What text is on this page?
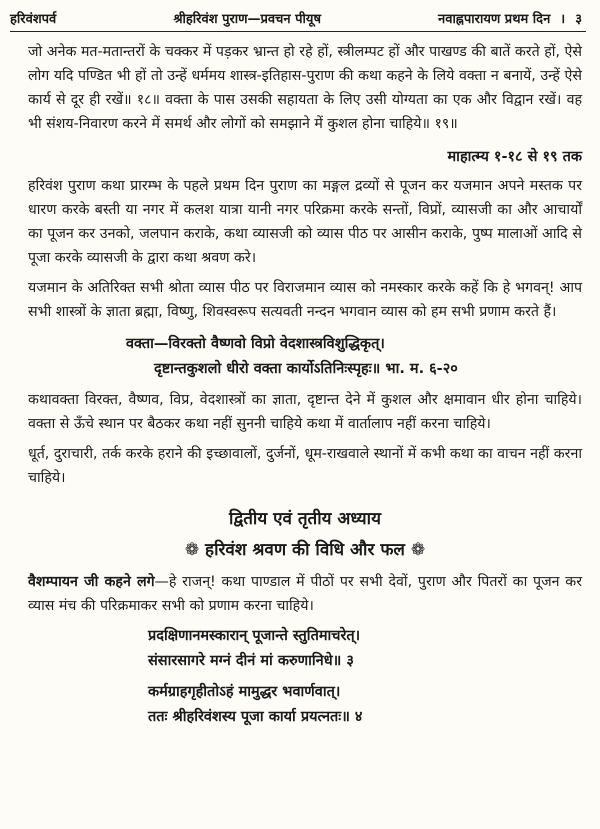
हरिवंशपर्व	श्रीहरिवंश पुराण—प्रवचन पीयूष	नवाह्नपारायण प्रथम दिन । ३

जो अनेक मत-मतान्तरों के चक्कर में पड़कर भ्रान्त हो रहे हों, स्त्रीलम्पट हों और पाखण्ड की बातें करते हों, ऐसे लोग यदि पण्डित भी हों तो उन्हें धर्ममय शास्त्र-इतिहास-पुराण की कथा कहने के लिये वक्ता न बनायें, उन्हें ऐसे कार्य से दूर ही रखें॥ १८॥ वक्ता के पास उसकी सहायता के लिए उसी योग्यता का एक और विद्वान रखें। वह भी संशय-निवारण करने में समर्थ और लोगों को समझाने में कुशल होना चाहिये॥ १९॥

माहात्म्य १-१८ से १९ तक

हरिवंश पुराण कथा प्रारम्भ के पहले प्रथम दिन पुराण का मङ्गल द्रव्यों से पूजन कर यजमान अपने मस्तक पर धारण करके बस्ती या नगर में कलश यात्रा यानी नगर परिक्रमा करके सन्तों, विप्रों, व्यासजी का और आचार्यों का पूजन कर उनको, जलपान कराके, कथा व्यासजी को व्यास पीठ पर आसीन कराके, पुष्प मालाओं आदि से पूजा करके व्यासजी के द्वारा कथा श्रवण करे।

यजमान के अतिरिक्त सभी श्रोता व्यास पीठ पर विराजमान व्यास को नमस्कार करके कहें कि हे भगवन्! आप सभी शास्त्रों के ज्ञाता ब्रह्मा, विष्णु, शिवस्वरूप सत्यवती नन्दन भगवान व्यास को हम सभी प्रणाम करते हैं।

वक्ता—विरक्तो वैष्णवो विप्रो वेदशास्त्रविशुद्धिकृत्।
दृष्टान्तकुशलो धीरो वक्ता कार्योऽतिनिःस्पृहः॥ भा. म. ६-२०

कथावक्ता विरक्त, वैष्णव, विप्र, वेदशास्त्रों का ज्ञाता, दृष्टान्त देने में कुशल और क्षमावान धीर होना चाहिये। वक्ता से ऊँचे स्थान पर बैठकर कथा नहीं सुननी चाहिये कथा में वार्तालाप नहीं करना चाहिये।

धूर्त, दुराचारी, तर्क करके हराने की इच्छावालों, दुर्जनों, धूम-राखवाले स्थानों में कभी कथा का वाचन नहीं करना चाहिये।

द्वितीय एवं तृतीय अध्याय
❁ हरिवंश श्रवण की विधि और फल ❁

वैशम्पायन जी कहने लगे—हे राजन्! कथा पाण्डाल में पीठों पर सभी देवों, पुराण और पितरों का पूजन कर व्यास मंच की परिक्रमाकर सभी को प्रणाम करना चाहिये।

प्रदक्षिणानमस्कारान् पूजान्ते स्तुतिमाचरेत्।
संसारसागरे मग्नं दीनं मां करुणानिधे॥ ३
कर्मग्राहगृहीतोऽहं मामुद्धर भवार्णवात्।
ततः श्रीहरिवंशस्य पूजा कार्या प्रयत्नतः॥ ४
